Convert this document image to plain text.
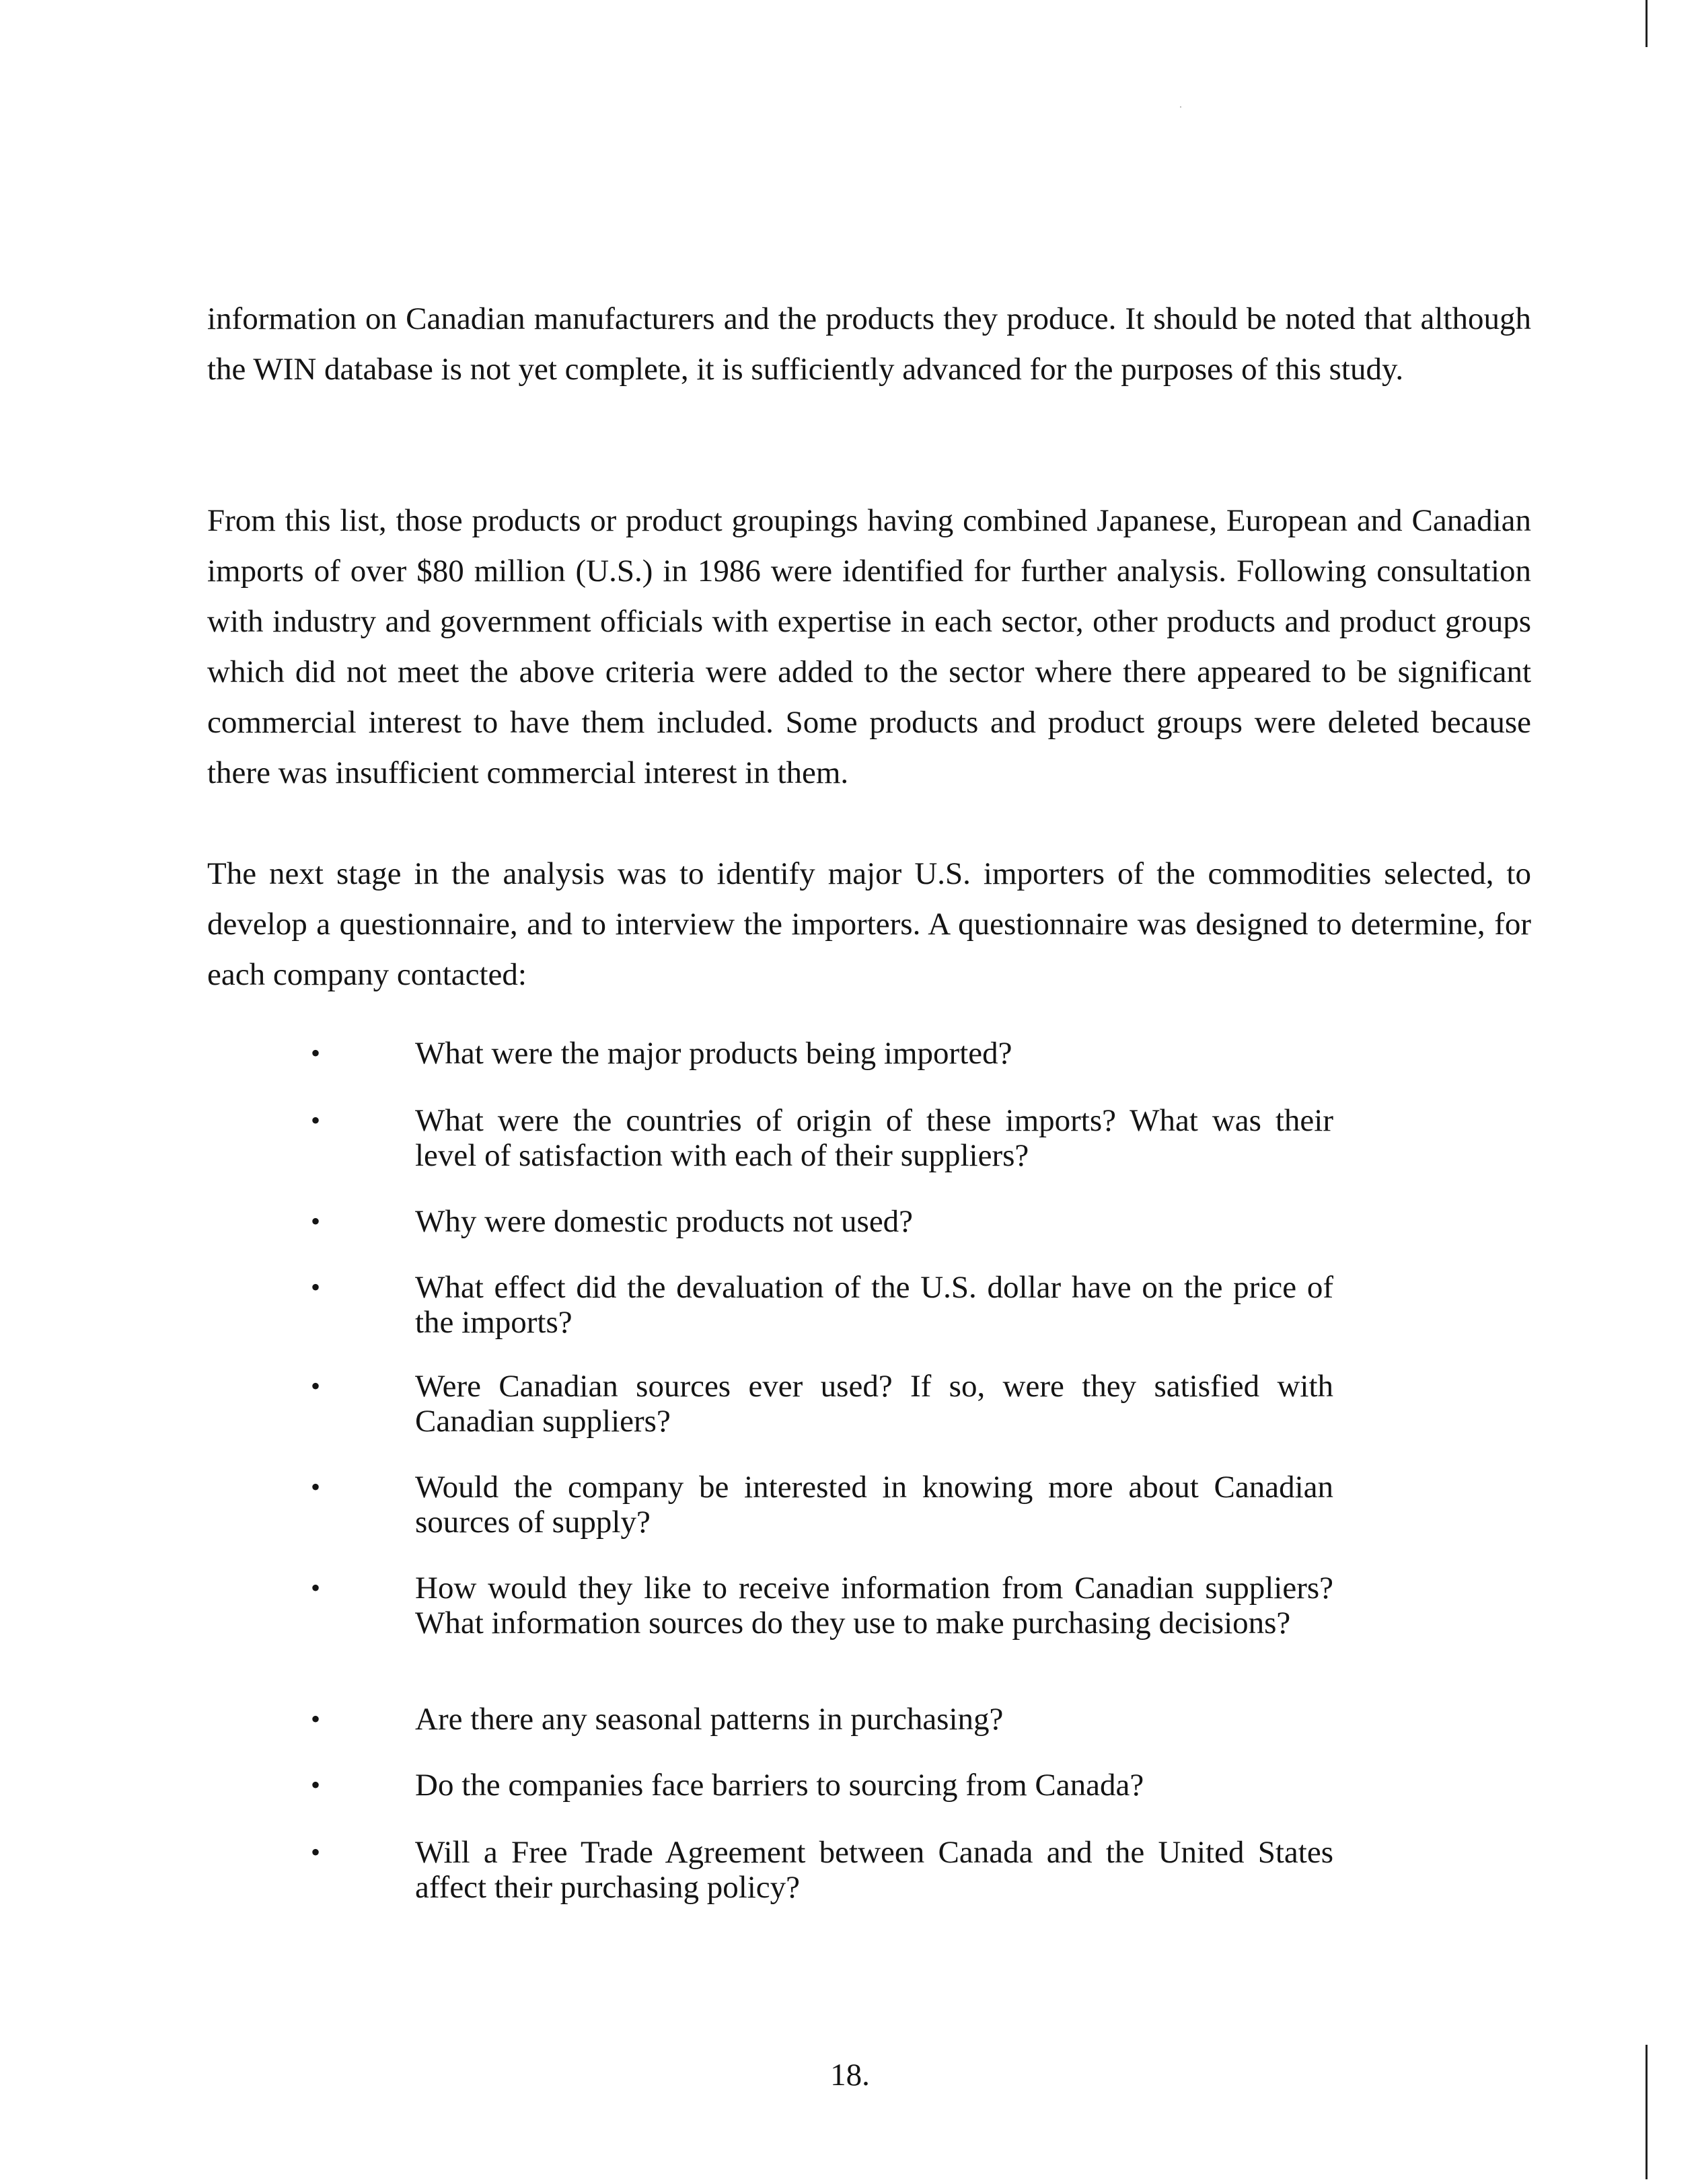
information on Canadian manufacturers and the products they produce. It should be noted that although the WIN database is not yet complete, it is sufficiently advanced for the purposes of this study.

From this list, those products or product groupings having combined Japanese, European and Canadian imports of over $80 million (U.S.) in 1986 were identified for further analysis. Following consultation with industry and government officials with expertise in each sector, other products and product groups which did not meet the above criteria were added to the sector where there appeared to be significant commercial interest to have them included. Some products and product groups were deleted because there was insufficient commercial interest in them.

The next stage in the analysis was to identify major U.S. importers of the commodities selected, to develop a questionnaire, and to interview the importers. A questionnaire was designed to determine, for each company contacted:

•	What were the major products being imported?
•	What were the countries of origin of these imports? What was their level of satisfaction with each of their suppliers?
•	Why were domestic products not used?
•	What effect did the devaluation of the U.S. dollar have on the price of the imports?
•	Were Canadian sources ever used? If so, were they satisfied with Canadian suppliers?
•	Would the company be interested in knowing more about Canadian sources of supply?
•	How would they like to receive information from Canadian suppliers? What information sources do they use to make purchasing decisions?
•	Are there any seasonal patterns in purchasing?
•	Do the companies face barriers to sourcing from Canada?
•	Will a Free Trade Agreement between Canada and the United States affect their purchasing policy?
18.
